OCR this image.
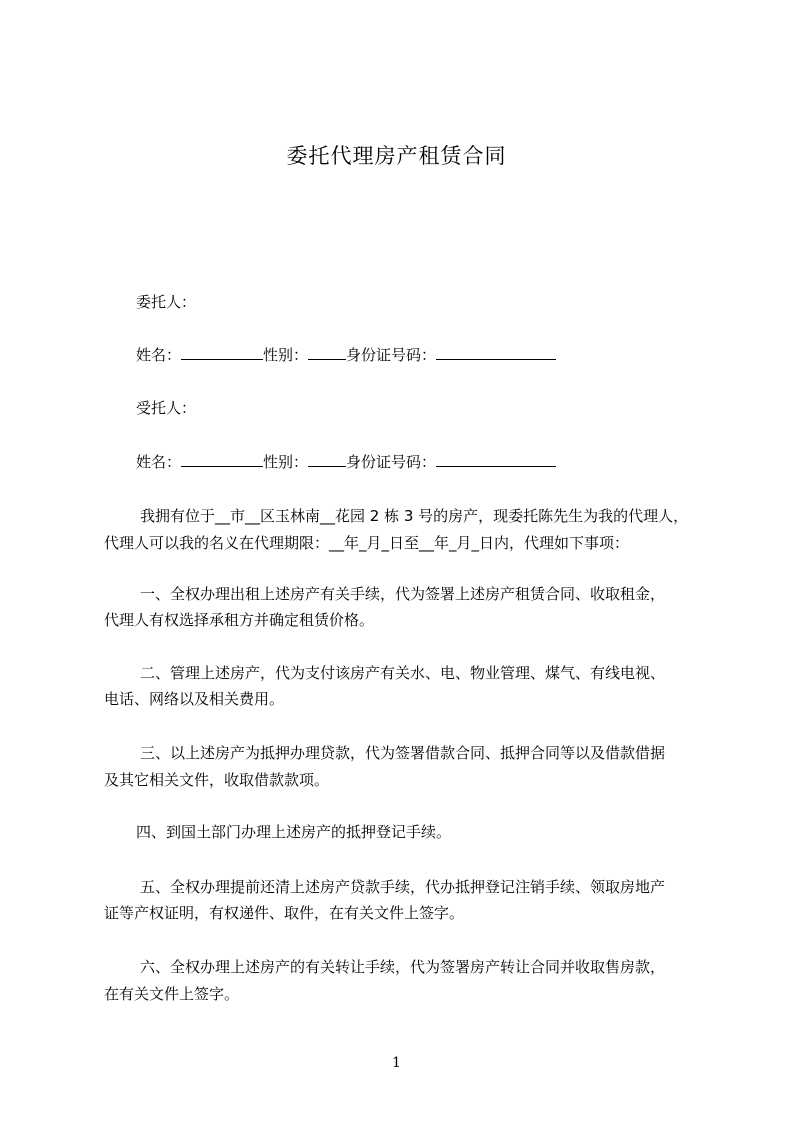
委托代理房产租赁合同
委托人：
姓名：	性别：	身份证号码：
受托人：
姓名：	性别：	身份证号码：
我拥有位于__市__区玉林南__花园 2 栋 3 号的房产，现委托陈先生为我的代理人，
代理人可以我的名义在代理期限：__年_月_日至__年_月_日内，代理如下事项：
一、全权办理出租上述房产有关手续，代为签署上述房产租赁合同、收取租金，
代理人有权选择承租方并确定租赁价格。
二、管理上述房产，代为支付该房产有关水、电、物业管理、煤气、有线电视、
电话、网络以及相关费用。
三、以上述房产为抵押办理贷款，代为签署借款合同、抵押合同等以及借款借据
及其它相关文件，收取借款款项。
四、到国土部门办理上述房产的抵押登记手续。
五、全权办理提前还清上述房产贷款手续，代办抵押登记注销手续、领取房地产
证等产权证明，有权递件、取件，在有关文件上签字。
六、全权办理上述房产的有关转让手续，代为签署房产转让合同并收取售房款，
在有关文件上签字。
1
